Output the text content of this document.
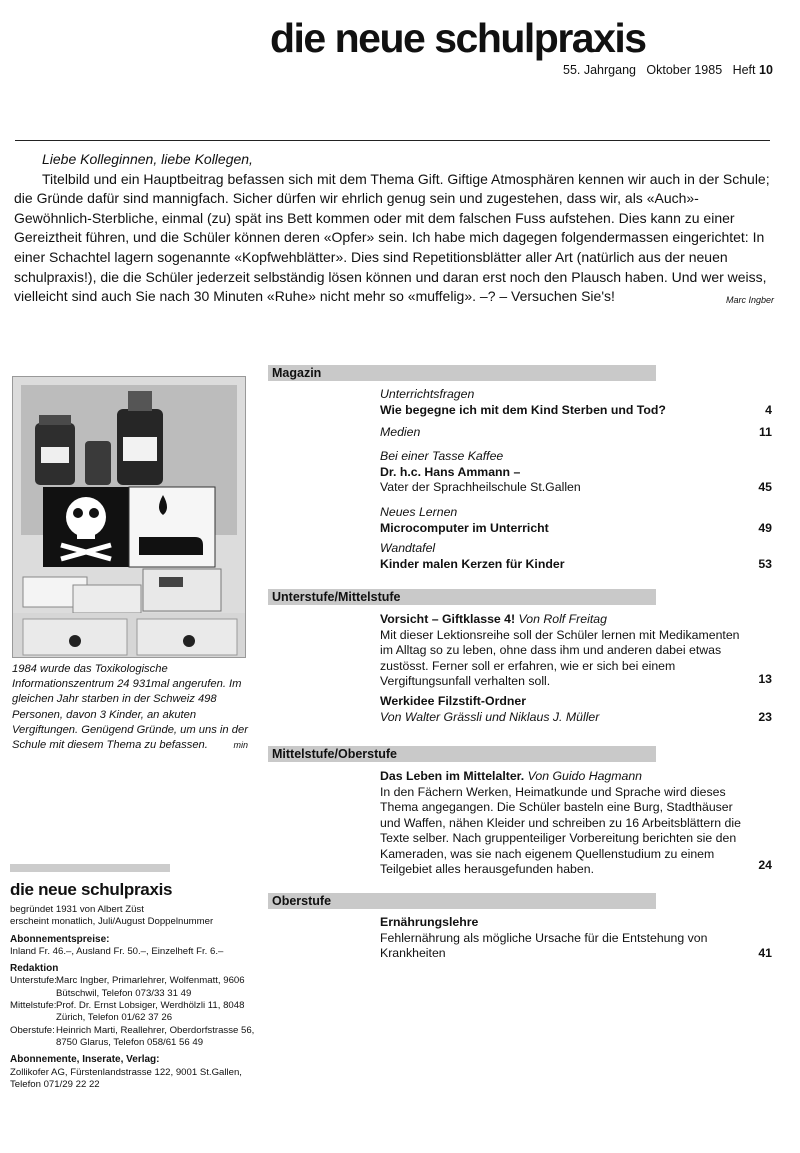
die neue schulpraxis
55. Jahrgang Oktober 1985 Heft 10

Liebe Kolleginnen, liebe Kollegen,

Titelbild und ein Hauptbeitrag befassen sich mit dem Thema Gift. Giftige Atmosphären kennen wir auch in der Schule; die Gründe dafür sind mannigfach. Sicher dürfen wir ehrlich genug sein und zugestehen, dass wir, als «Auch»-Gewöhnlich-Sterbliche, einmal (zu) spät ins Bett kommen oder mit dem falschen Fuss aufstehen. Dies kann zu einer Gereiztheit führen, und die Schüler können deren «Opfer» sein. Ich habe mich dagegen folgendermassen eingerichtet: In einer Schachtel lagern sogenannte «Kopfwehblätter». Dies sind Repetitionsblätter aller Art (natürlich aus der neuen schulpraxis!), die die Schüler jederzeit selbständig lösen können und daran erst noch den Plausch haben. Und wer weiss, vielleicht sind auch Sie nach 30 Minuten «Ruhe» nicht mehr so «muffelig». –? – Versuchen Sie's!	Marc Ingber

1984 wurde das Toxikologische Informationszentrum 24 931mal angerufen. Im gleichen Jahr starben in der Schweiz 498 Personen, davon 3 Kinder, an akuten Vergiftungen. Genügend Gründe, um uns in der Schule mit diesem Thema zu befassen.	min
Magazin
Unterrichtsfragen
Wie begegne ich mit dem Kind Sterben und Tod?	4
Medien	11
Bei einer Tasse Kaffee
Dr. h.c. Hans Ammann –
Vater der Sprachheilschule St.Gallen	45
Neues Lernen
Microcomputer im Unterricht	49
Wandtafel
Kinder malen Kerzen für Kinder	53
Unterstufe/Mittelstufe
Vorsicht – Giftklasse 4! Von Rolf Freitag
Mit dieser Lektionsreihe soll der Schüler lernen mit Medikamenten im Alltag so zu leben, ohne dass ihm und anderen dabei etwas zustösst. Ferner soll er erfahren, wie er sich bei einem Vergiftungsunfall verhalten soll.	13
Werkidee Filzstift-Ordner
Von Walter Grässli und Niklaus J. Müller	23
Mittelstufe/Oberstufe
Das Leben im Mittelalter. Von Guido Hagmann
In den Fächern Werken, Heimatkunde und Sprache wird dieses Thema angegangen. Die Schüler basteln eine Burg, Stadthäuser und Waffen, nähen Kleider und schreiben zu 16 Arbeitsblättern die Texte selber. Nach gruppenteiliger Vorbereitung berichten sie den Kameraden, was sie nach eigenem Quellenstudium zu einem Teilgebiet alles herausgefunden haben.	24
Oberstufe
Ernährungslehre
Fehlernährung als mögliche Ursache für die Entstehung von Krankheiten	41
die neue schulpraxis
begründet 1931 von Albert Züst
erscheint monatlich, Juli/August Doppelnummer
Abonnementspreise:
Inland Fr. 46.–, Ausland Fr. 50.–, Einzelheft Fr. 6.–
Redaktion
Unterstufe: Marc Ingber, Primarlehrer, Wolfenmatt, 9606 Bütschwil, Telefon 073/33 31 49
Mittelstufe: Prof. Dr. Ernst Lobsiger, Werdhölzli 11, 8048 Zürich, Telefon 01/62 37 26
Oberstufe: Heinrich Marti, Reallehrer, Oberdorfstrasse 56, 8750 Glarus, Telefon 058/61 56 49
Abonnemente, Inserate, Verlag:
Zollikofer AG, Fürstenlandstrasse 122, 9001 St.Gallen, Telefon 071/29 22 22
